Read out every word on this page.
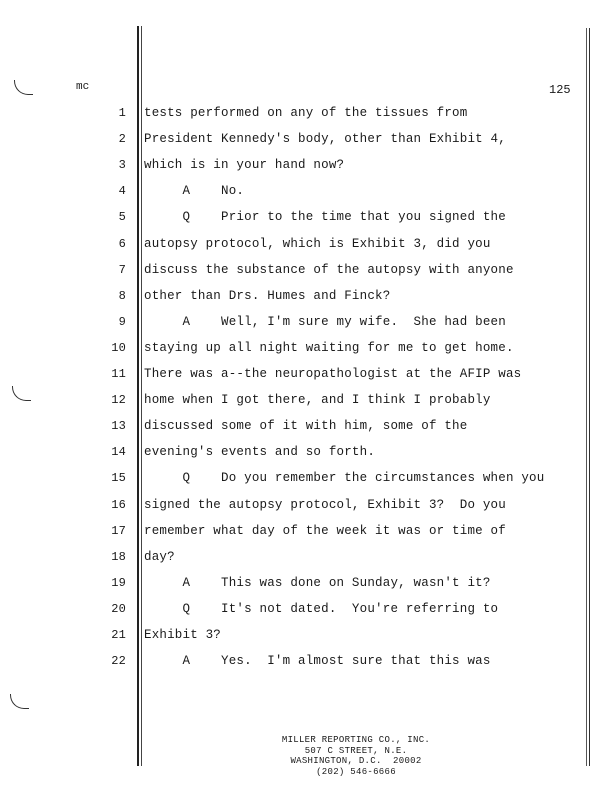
mc	125
1 tests performed on any of the tissues from
2 President Kennedy's body, other than Exhibit 4,
3 which is in your hand now?
4 A    No.
5 Q    Prior to the time that you signed the
6 autopsy protocol, which is Exhibit 3, did you
7 discuss the substance of the autopsy with anyone
8 other than Drs. Humes and Finck?
9 A    Well, I'm sure my wife.  She had been
10 staying up all night waiting for me to get home.
11 There was a--the neuropathologist at the AFIP was
12 home when I got there, and I think I probably
13 discussed some of it with him, some of the
14 evening's events and so forth.
15 Q    Do you remember the circumstances when you
16 signed the autopsy protocol, Exhibit 3?  Do you
17 remember what day of the week it was or time of
18 day?
19 A    This was done on Sunday, wasn't it?
20 Q    It's not dated.  You're referring to
21 Exhibit 3?
22 A    Yes.  I'm almost sure that this was
MILLER REPORTING CO., INC.
507 C STREET, N.E.
WASHINGTON, D.C.  20002
(202) 546-6666
